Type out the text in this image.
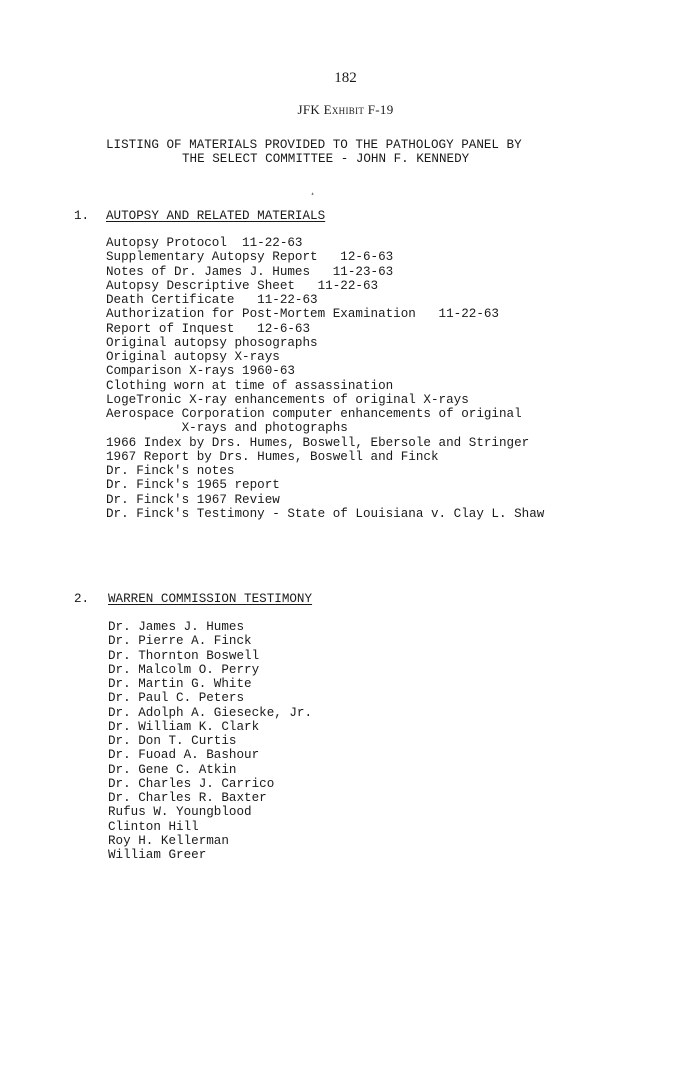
182
JFK Exhibit F-19
LISTING OF MATERIALS PROVIDED TO THE PATHOLOGY PANEL BY
THE SELECT COMMITTEE - JOHN F. KENNEDY
¸
1. AUTOPSY AND RELATED MATERIALS
Autopsy Protocol  11-22-63
Supplementary Autopsy Report   12-6-63
Notes of Dr. James J. Humes   11-23-63
Autopsy Descriptive Sheet   11-22-63
Death Certificate   11-22-63
Authorization for Post-Mortem Examination   11-22-63
Report of Inquest   12-6-63
Original autopsy phosographs
Original autopsy X-rays
Comparison X-rays 1960-63
Clothing worn at time of assassination
LogeTronic X-ray enhancements of original X-rays
Aerospace Corporation computer enhancements of original
X-rays and photographs
1966 Index by Drs. Humes, Boswell, Ebersole and Stringer
1967 Report by Drs. Humes, Boswell and Finck
Dr. Finck's notes
Dr. Finck's 1965 report
Dr. Finck's 1967 Review
Dr. Finck's Testimony - State of Louisiana v. Clay L. Shaw
2. WARREN COMMISSION TESTIMONY
Dr. James J. Humes
Dr. Pierre A. Finck
Dr. Thornton Boswell
Dr. Malcolm O. Perry
Dr. Martin G. White
Dr. Paul C. Peters
Dr. Adolph A. Giesecke, Jr.
Dr. William K. Clark
Dr. Don T. Curtis
Dr. Fuoad A. Bashour
Dr. Gene C. Atkin
Dr. Charles J. Carrico
Dr. Charles R. Baxter
Rufus W. Youngblood
Clinton Hill
Roy H. Kellerman
William Greer
